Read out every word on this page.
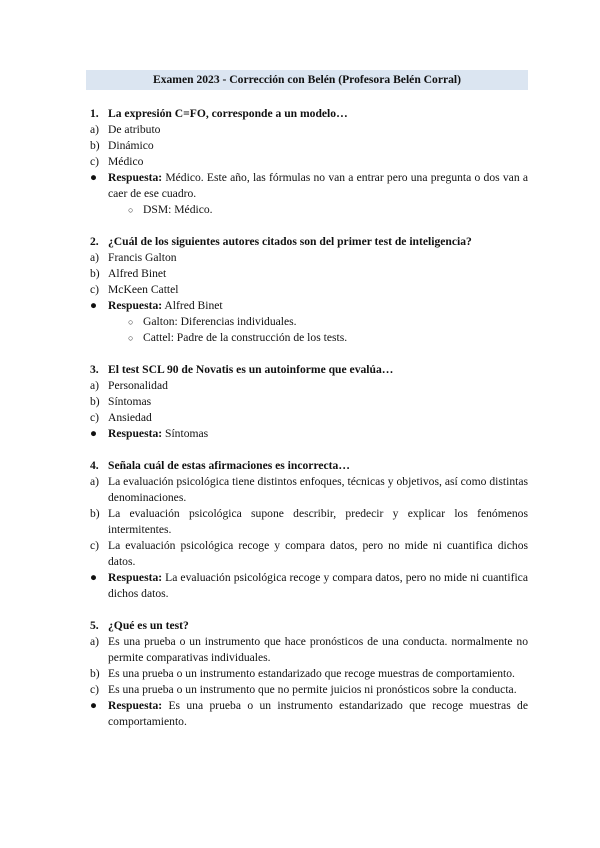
Examen 2023 - Corrección con Belén (Profesora Belén Corral)
1. La expresión C=FO, corresponde a un modelo…
a) De atributo
b) Dinámico
c) Médico
● Respuesta: Médico. Este año, las fórmulas no van a entrar pero una pregunta o dos van a caer de ese cuadro.
○ DSM: Médico.
2. ¿Cuál de los siguientes autores citados son del primer test de inteligencia?
a) Francis Galton
b) Alfred Binet
c) McKeen Cattel
● Respuesta: Alfred Binet
○ Galton: Diferencias individuales.
○ Cattel: Padre de la construcción de los tests.
3. El test SCL 90 de Novatis es un autoinforme que evalúa…
a) Personalidad
b) Síntomas
c) Ansiedad
● Respuesta: Síntomas
4. Señala cuál de estas afirmaciones es incorrecta…
a) La evaluación psicológica tiene distintos enfoques, técnicas y objetivos, así como distintas denominaciones.
b) La evaluación psicológica supone describir, predecir y explicar los fenómenos intermitentes.
c) La evaluación psicológica recoge y compara datos, pero no mide ni cuantifica dichos datos.
● Respuesta: La evaluación psicológica recoge y compara datos, pero no mide ni cuantifica dichos datos.
5. ¿Qué es un test?
a) Es una prueba o un instrumento que hace pronósticos de una conducta. normalmente no permite comparativas individuales.
b) Es una prueba o un instrumento estandarizado que recoge muestras de comportamiento.
c) Es una prueba o un instrumento que no permite juicios ni pronósticos sobre la conducta.
● Respuesta: Es una prueba o un instrumento estandarizado que recoge muestras de comportamiento.
